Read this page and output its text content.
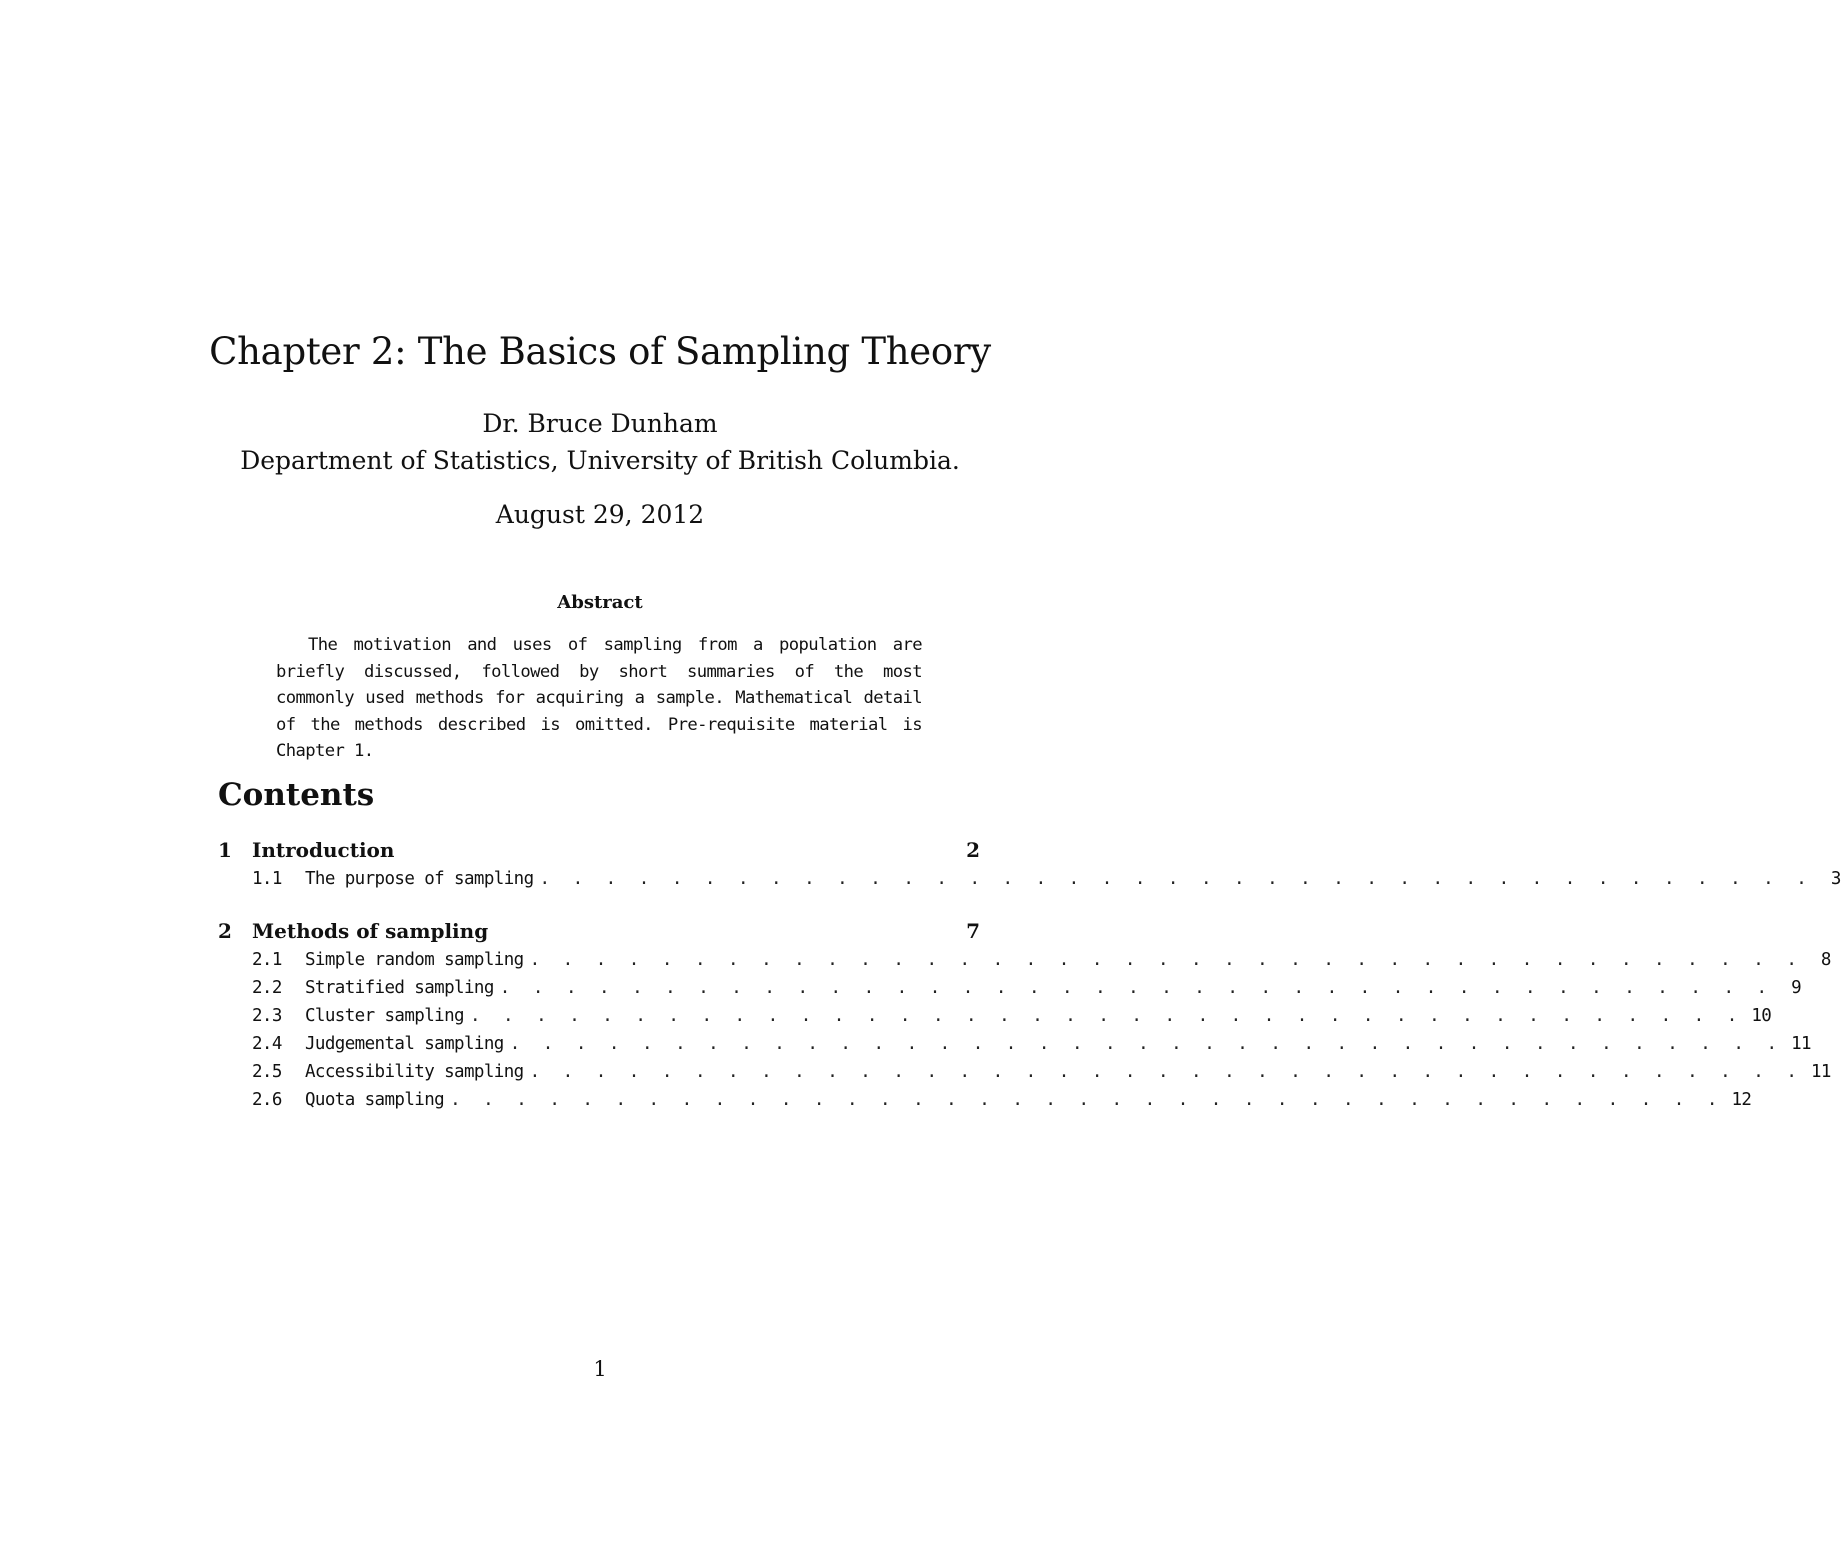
Chapter 2: The Basics of Sampling Theory

Dr. Bruce Dunham

Department of Statistics, University of British Columbia.

August 29, 2012

Abstract

The motivation and uses of sampling from a population are briefly discussed, followed by short summaries of the most commonly used methods for acquiring a sample. Mathematical detail of the methods described is omitted. Pre-requisite material is Chapter 1.

Contents
1	Introduction	2
1.1	The purpose of sampling . . . . . . . . . . . . . . . . . . . . . . . . . . . . . . . . . . . . . . .	3
2	Methods of sampling	7
2.1	Simple random sampling . . . . . . . . . . . . . . . . . . . . . . . . . . . . . . . . . . . . . . .	8
2.2	Stratified sampling . . . . . . . . . . . . . . . . . . . . . . . . . . . . . . . . . . . . . . .	9
2.3	Cluster sampling . . . . . . . . . . . . . . . . . . . . . . . . . . . . . . . . . . . . . . . 10
2.4	Judgemental sampling . . . . . . . . . . . . . . . . . . . . . . . . . . . . . . . . . . . . . . . 11
2.5	Accessibility sampling . . . . . . . . . . . . . . . . . . . . . . . . . . . . . . . . . . . . . . . 11
2.6	Quota sampling . . . . . . . . . . . . . . . . . . . . . . . . . . . . . . . . . . . . . . . 12

1
